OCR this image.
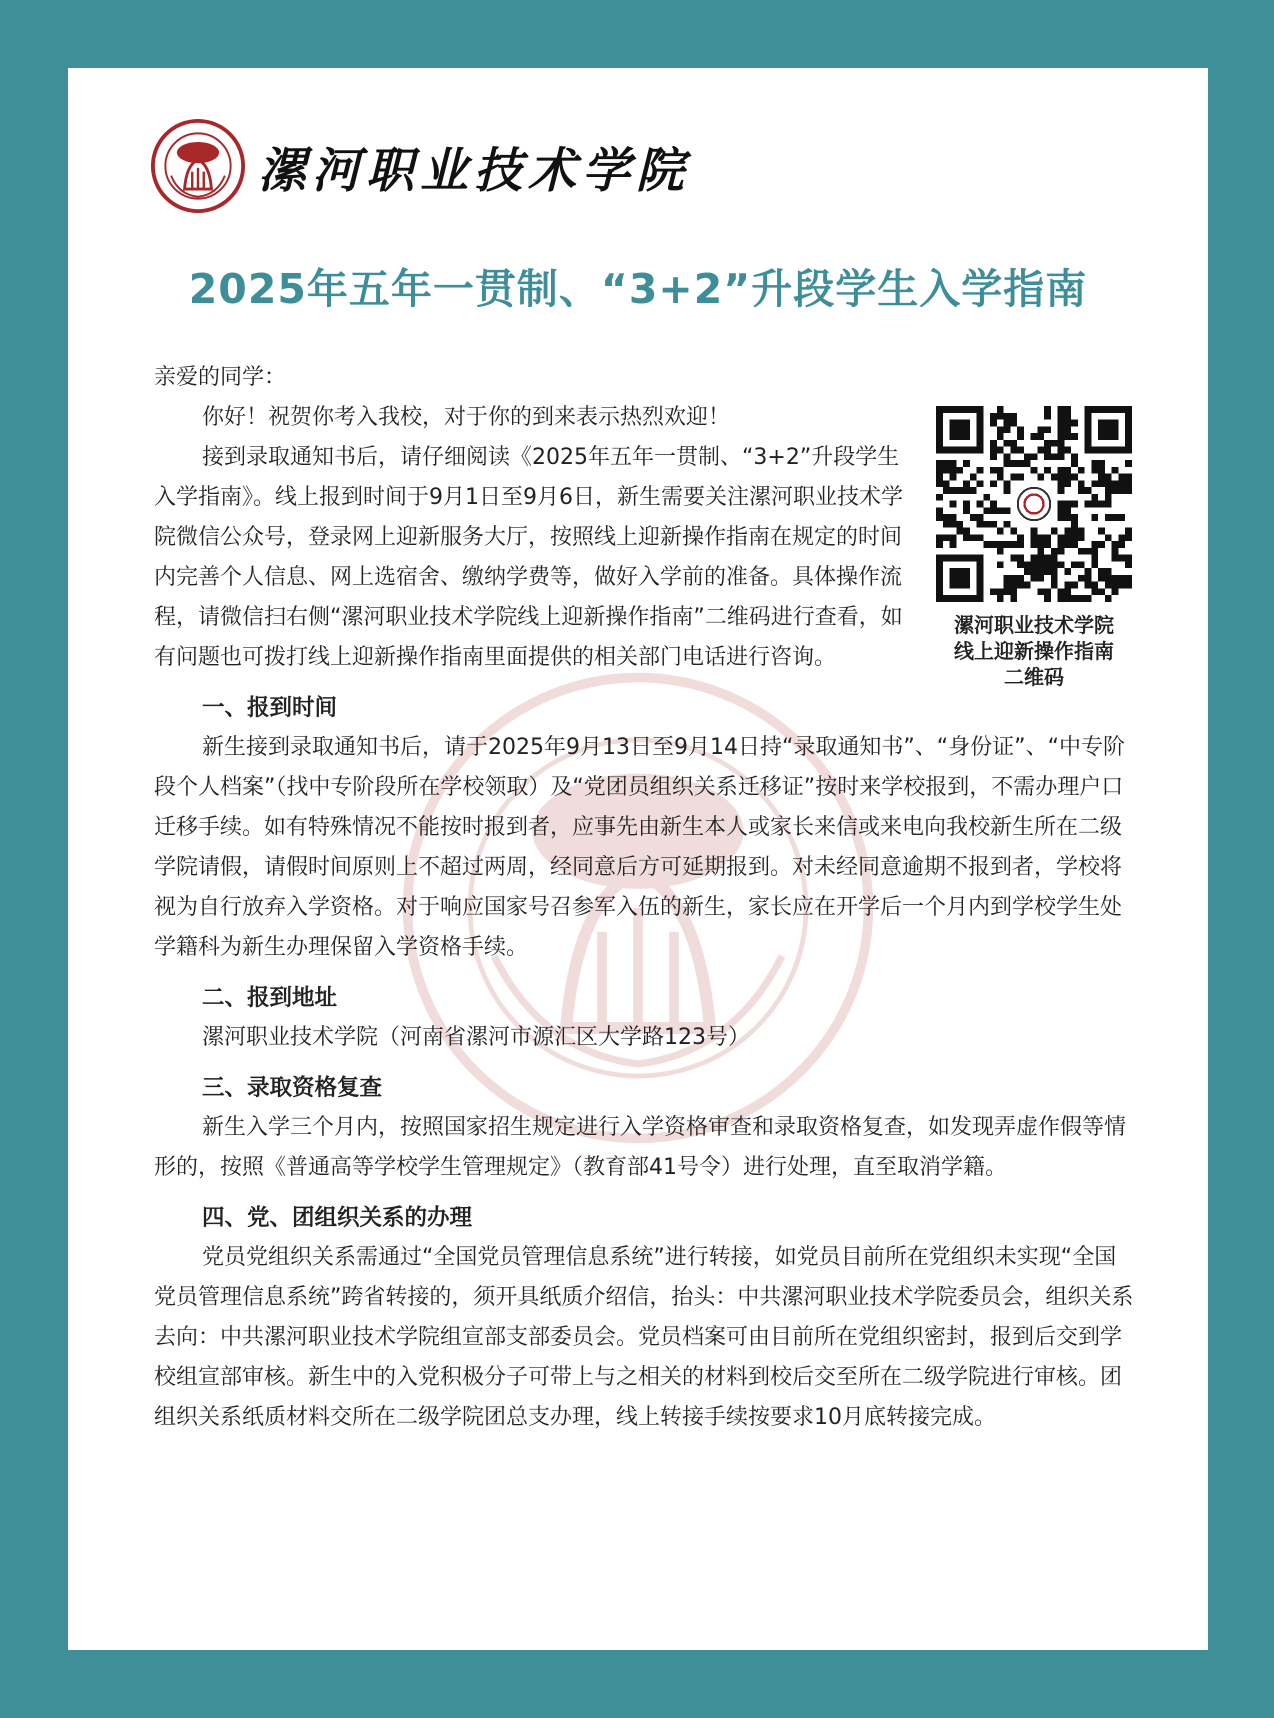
漯河职业技术学院
2025年五年一贯制、“3+2”升段学生入学指南

亲爱的同学：

你好！祝贺你考入我校，对于你的到来表示热烈欢迎！

接到录取通知书后，请仔细阅读《2025年五年一贯制、“3+2”升段学生入学指南》。线上报到时间于9月1日至9月6日，新生需要关注漯河职业技术学院微信公众号，登录网上迎新服务大厅，按照线上迎新操作指南在规定的时间内完善个人信息、网上选宿舍、缴纳学费等，做好入学前的准备。具体操作流程，请微信扫右侧“漯河职业技术学院线上迎新操作指南”二维码进行查看，如有问题也可拨打线上迎新操作指南里面提供的相关部门电话进行咨询。

一、报到时间

新生接到录取通知书后，请于2025年9月13日至9月14日持“录取通知书”、“身份证”、“中专阶段个人档案”（找中专阶段所在学校领取）及“党团员组织关系迁移证”按时来学校报到，不需办理户口迁移手续。如有特殊情况不能按时报到者，应事先由新生本人或家长来信或来电向我校新生所在二级学院请假，请假时间原则上不超过两周，经同意后方可延期报到。对未经同意逾期不报到者，学校将视为自行放弃入学资格。对于响应国家号召参军入伍的新生，家长应在开学后一个月内到学校学生处学籍科为新生办理保留入学资格手续。

二、报到地址

漯河职业技术学院（河南省漯河市源汇区大学路123号）

三、录取资格复查

新生入学三个月内，按照国家招生规定进行入学资格审查和录取资格复查，如发现弄虚作假等情形的，按照《普通高等学校学生管理规定》（教育部41号令）进行处理，直至取消学籍。

四、党、团组织关系的办理

党员党组织关系需通过“全国党员管理信息系统”进行转接，如党员目前所在党组织未实现“全国党员管理信息系统”跨省转接的，须开具纸质介绍信，抬头：中共漯河职业技术学院委员会，组织关系去向：中共漯河职业技术学院组宣部支部委员会。党员档案可由目前所在党组织密封，报到后交到学校组宣部审核。新生中的入党积极分子可带上与之相关的材料到校后交至所在二级学院进行审核。团组织关系纸质材料交所在二级学院团总支办理，线上转接手续按要求10月底转接完成。

漯河职业技术学院
线上迎新操作指南
二维码
